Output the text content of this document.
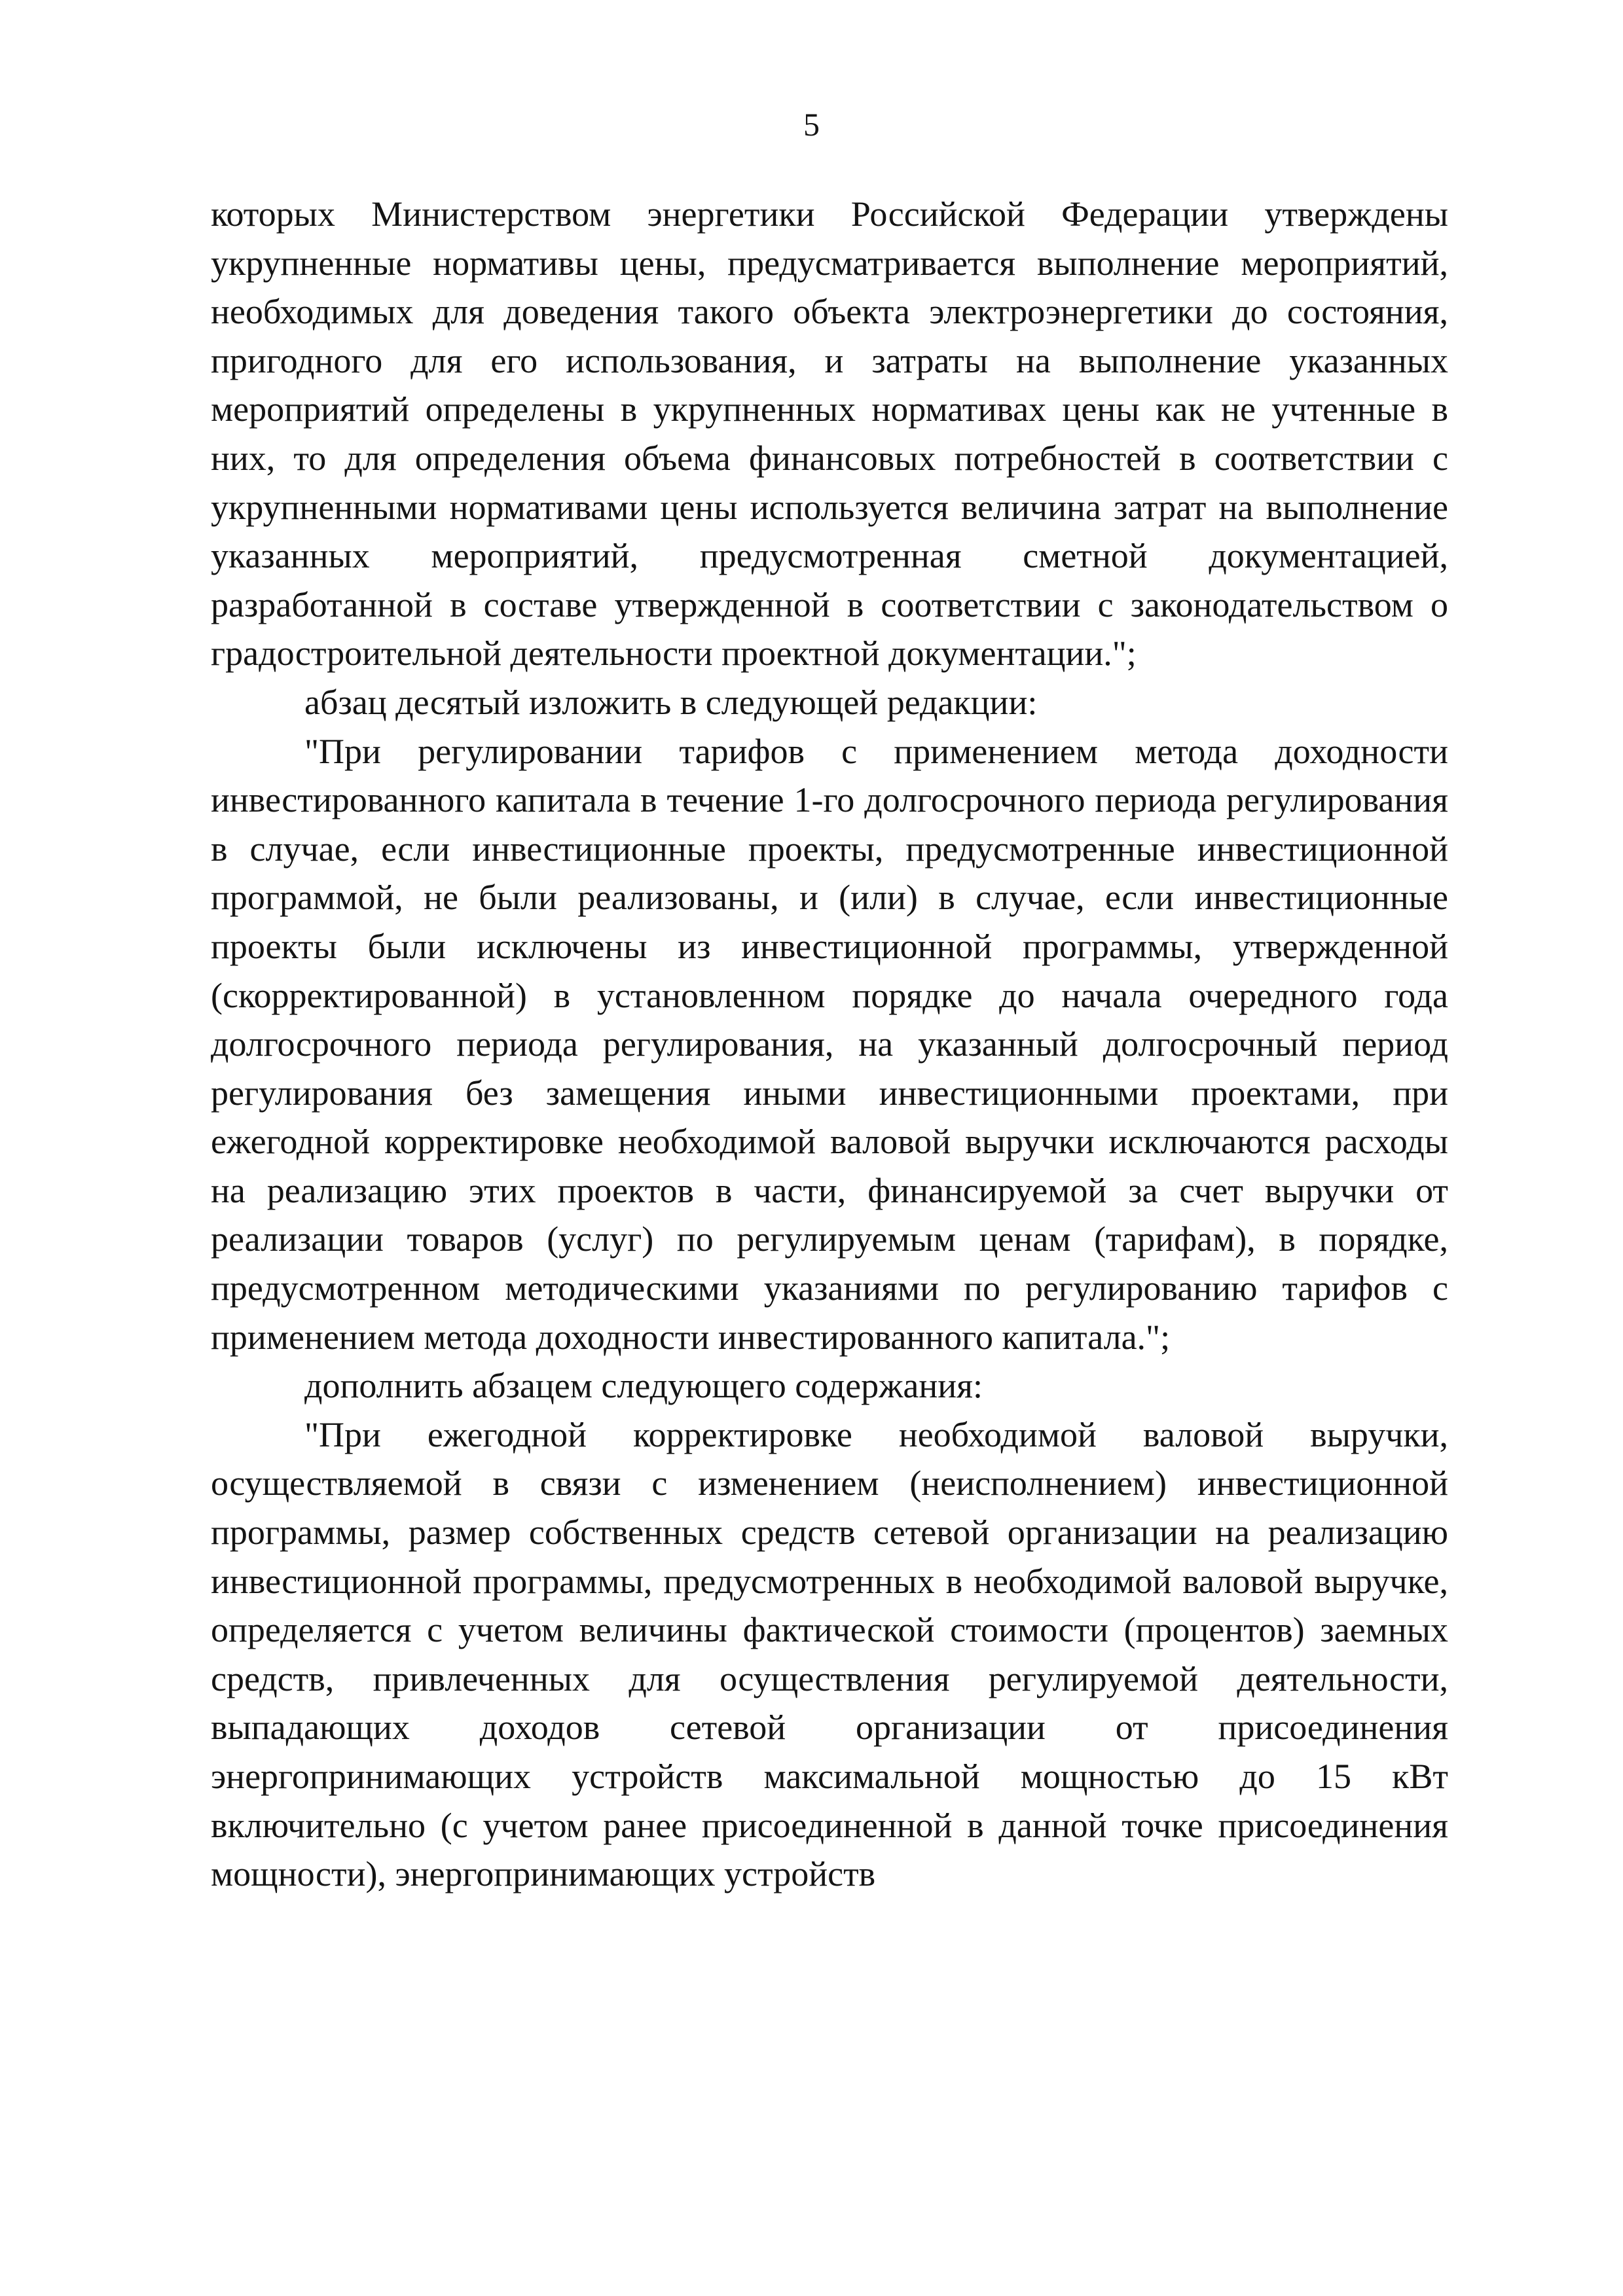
5

которых Министерством энергетики Российской Федерации утверждены укрупненные нормативы цены, предусматривается выполнение мероприятий, необходимых для доведения такого объекта электроэнергетики до состояния, пригодного для его использования, и затраты на выполнение указанных мероприятий определены в укрупненных нормативах цены как не учтенные в них, то для определения объема финансовых потребностей в соответствии с укрупненными нормативами цены используется величина затрат на выполнение указанных мероприятий, предусмотренная сметной документацией, разработанной в составе утвержденной в соответствии с законодательством о градостроительной деятельности проектной документации.";

абзац десятый изложить в следующей редакции:

"При регулировании тарифов с применением метода доходности инвестированного капитала в течение 1-го долгосрочного периода регулирования в случае, если инвестиционные проекты, предусмотренные инвестиционной программой, не были реализованы, и (или) в случае, если инвестиционные проекты были исключены из инвестиционной программы, утвержденной (скорректированной) в установленном порядке до начала очередного года долгосрочного периода регулирования, на указанный долгосрочный период регулирования без замещения иными инвестиционными проектами, при ежегодной корректировке необходимой валовой выручки исключаются расходы на реализацию этих проектов в части, финансируемой за счет выручки от реализации товаров (услуг) по регулируемым ценам (тарифам), в порядке, предусмотренном методическими указаниями по регулированию тарифов с применением метода доходности инвестированного капитала.";

дополнить абзацем следующего содержания:

"При ежегодной корректировке необходимой валовой выручки, осуществляемой в связи с изменением (неисполнением) инвестиционной программы, размер собственных средств сетевой организации на реализацию инвестиционной программы, предусмотренных в необходимой валовой выручке, определяется с учетом величины фактической стоимости (процентов) заемных средств, привлеченных для осуществления регулируемой деятельности, выпадающих доходов сетевой организации от присоединения энергопринимающих устройств максимальной мощностью до 15 кВт включительно (с учетом ранее присоединенной в данной точке присоединения мощности), энергопринимающих устройств
